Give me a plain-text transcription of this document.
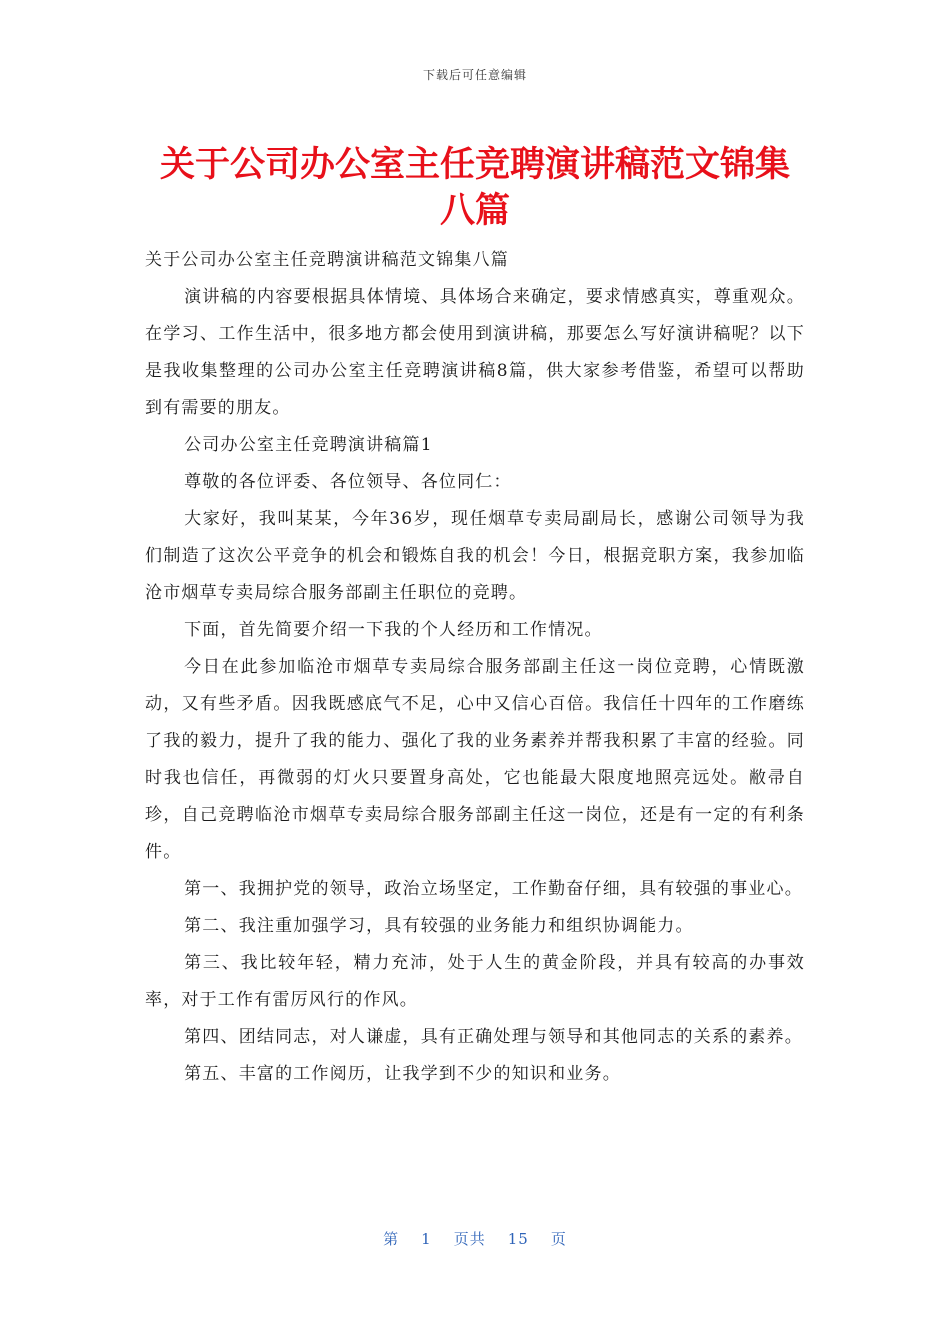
下载后可任意编辑
关于公司办公室主任竞聘演讲稿范文锦集八篇

关于公司办公室主任竞聘演讲稿范文锦集八篇

演讲稿的内容要根据具体情境、具体场合来确定，要求情感真实，尊重观众。在学习、工作生活中，很多地方都会使用到演讲稿，那要怎么写好演讲稿呢？以下是我收集整理的公司办公室主任竞聘演讲稿8篇，供大家参考借鉴，希望可以帮助到有需要的朋友。

公司办公室主任竞聘演讲稿篇1

尊敬的各位评委、各位领导、各位同仁：

大家好，我叫某某，今年36岁，现任烟草专卖局副局长，感谢公司领导为我们制造了这次公平竞争的机会和锻炼自我的机会！今日，根据竞职方案，我参加临沧市烟草专卖局综合服务部副主任职位的竞聘。

下面，首先简要介绍一下我的个人经历和工作情况。

今日在此参加临沧市烟草专卖局综合服务部副主任这一岗位竞聘，心情既激动，又有些矛盾。因我既感底气不足，心中又信心百倍。我信任十四年的工作磨练了我的毅力，提升了我的能力、强化了我的业务素养并帮我积累了丰富的经验。同时我也信任，再微弱的灯火只要置身高处，它也能最大限度地照亮远处。敝帚自珍，自己竞聘临沧市烟草专卖局综合服务部副主任这一岗位，还是有一定的有利条件。

第一、我拥护党的领导，政治立场坚定，工作勤奋仔细，具有较强的事业心。

第二、我注重加强学习，具有较强的业务能力和组织协调能力。

第三、我比较年轻，精力充沛，处于人生的黄金阶段，并具有较高的办事效率，对于工作有雷厉风行的作风。

第四、团结同志，对人谦虚，具有正确处理与领导和其他同志的关系的素养。

第五、丰富的工作阅历，让我学到不少的知识和业务。

第 1 页共 15 页
